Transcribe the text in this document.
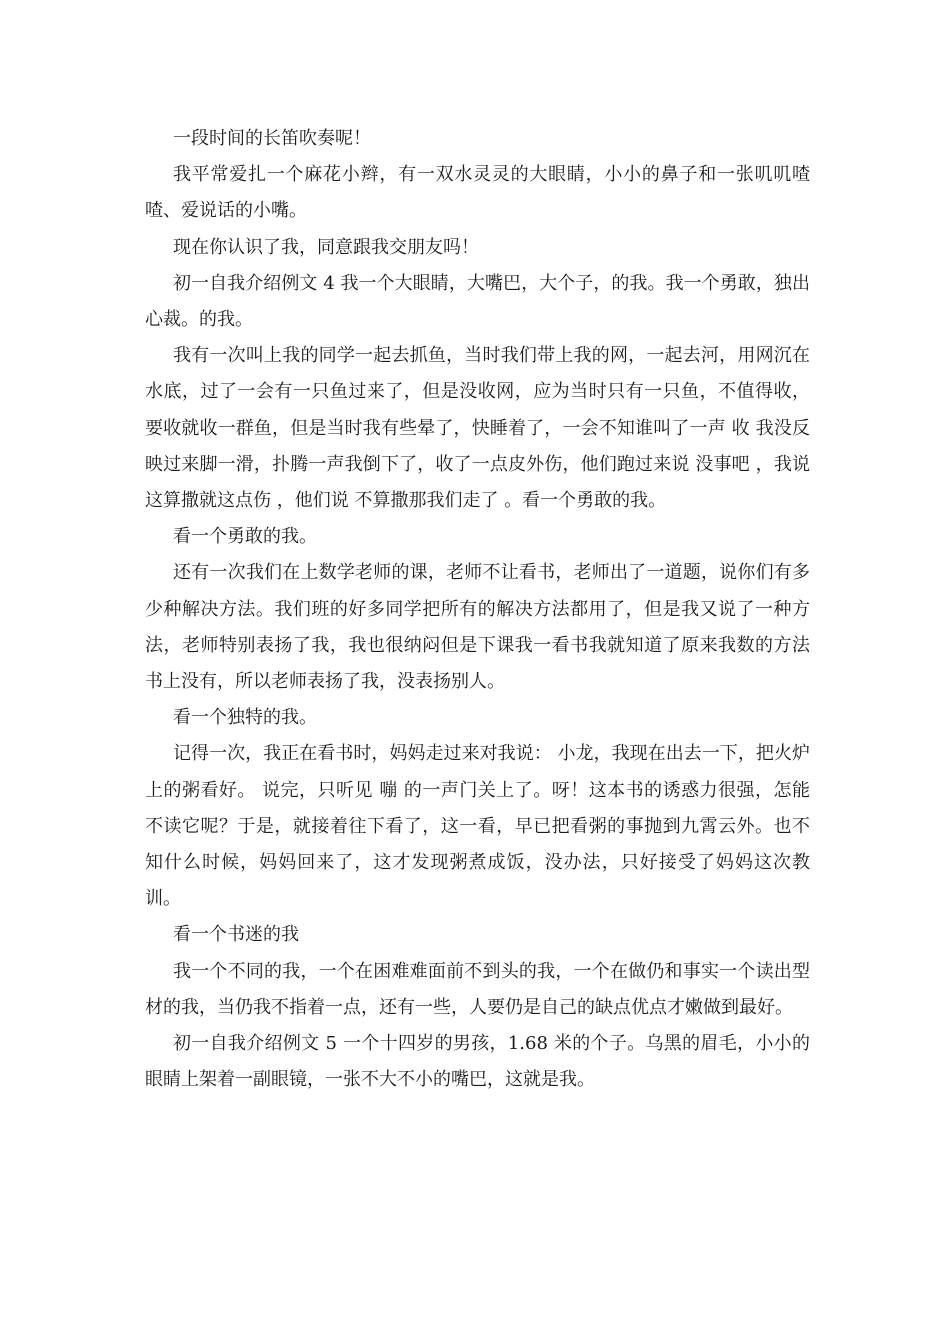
一段时间的长笛吹奏呢！

我平常爱扎一个麻花小辫，有一双水灵灵的大眼睛，小小的鼻子和一张叽叽喳喳、爱说话的小嘴。

现在你认识了我，同意跟我交朋友吗！

初一自我介绍例文 4 我一个大眼睛，大嘴巴，大个子，的我。我一个勇敢，独出心裁。的我。

我有一次叫上我的同学一起去抓鱼，当时我们带上我的网，一起去河，用网沉在水底，过了一会有一只鱼过来了，但是没收网，应为当时只有一只鱼，不值得收，要收就收一群鱼，但是当时我有些晕了，快睡着了，一会不知谁叫了一声 收 我没反映过来脚一滑，扑腾一声我倒下了，收了一点皮外伤，他们跑过来说 没事吧 ，我说 这算撒就这点伤 ，他们说 不算撒那我们走了 。看一个勇敢的我。

看一个勇敢的我。

还有一次我们在上数学老师的课，老师不让看书，老师出了一道题，说你们有多少种解决方法。我们班的好多同学把所有的解决方法都用了，但是我又说了一种方法，老师特别表扬了我，我也很纳闷但是下课我一看书我就知道了原来我数的方法书上没有，所以老师表扬了我，没表扬别人。

看一个独特的我。

记得一次，我正在看书时，妈妈走过来对我说： 小龙，我现在出去一下，把火炉上的粥看好。 说完，只听见 嘣 的一声门关上了。呀！这本书的诱惑力很强，怎能不读它呢？于是，就接着往下看了，这一看，早已把看粥的事抛到九霄云外。也不知什么时候，妈妈回来了，这才发现粥煮成饭，没办法，只好接受了妈妈这次教训。

看一个书迷的我

我一个不同的我，一个在困难难面前不到头的我，一个在做仍和事实一个读出型材的我，当仍我不指着一点，还有一些，人要仍是自己的缺点优点才嫩做到最好。

初一自我介绍例文 5 一个十四岁的男孩，1.68 米的个子。乌黑的眉毛，小小的眼睛上架着一副眼镜，一张不大不小的嘴巴，这就是我。
